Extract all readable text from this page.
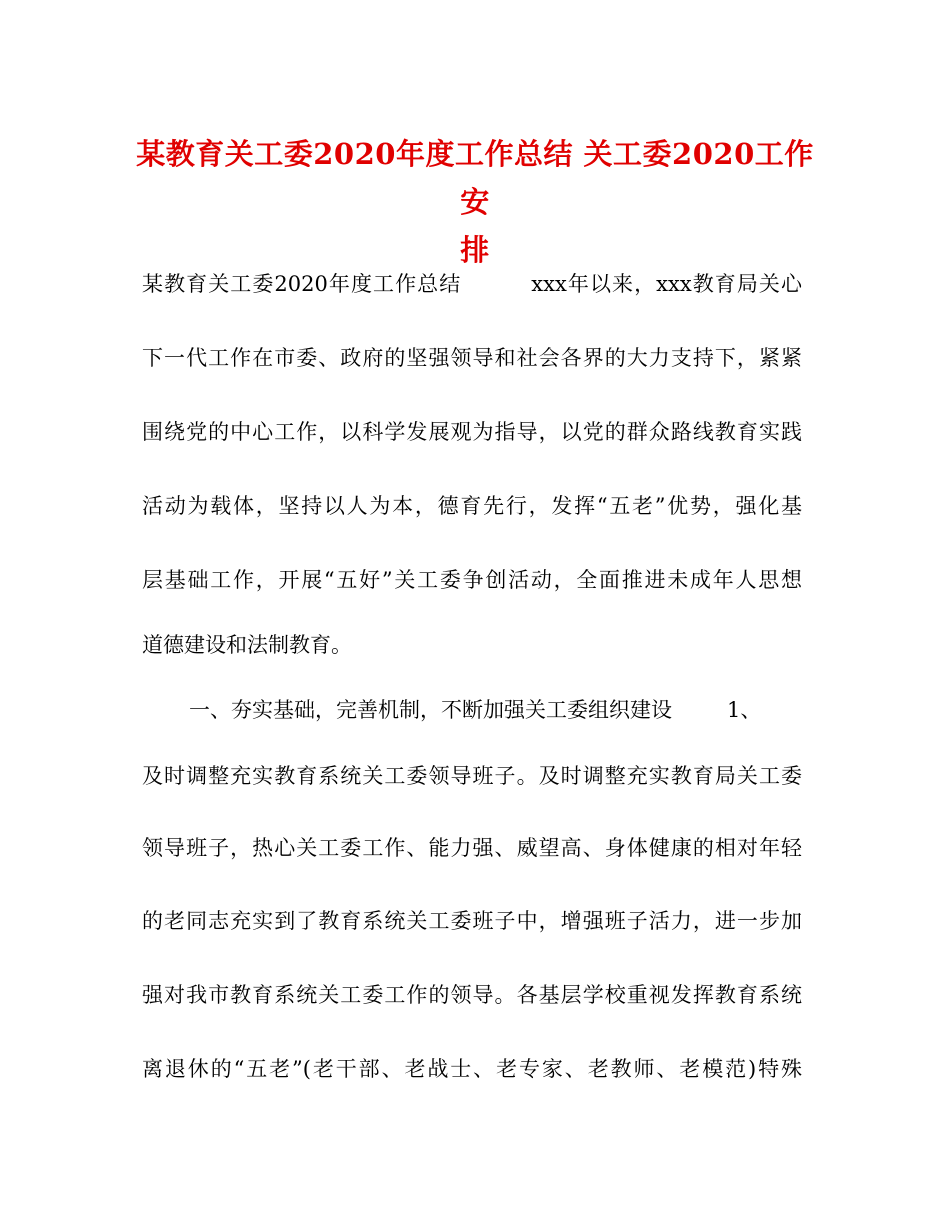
某教育关工委2020年度工作总结 关工委2020工作安
排

某教育关工委2020年度工作总结	xxx年以来，xxx教育局关心

下一代工作在市委、政府的坚强领导和社会各界的大力支持下，紧紧

围绕党的中心工作，以科学发展观为指导，以党的群众路线教育实践

活动为载体，坚持以人为本，德育先行，发挥“五老”优势，强化基

层基础工作，开展“五好”关工委争创活动，全面推进未成年人思想

道德建设和法制教育。

一、夯实基础，完善机制，不断加强关工委组织建设	1、

及时调整充实教育系统关工委领导班子。及时调整充实教育局关工委

领导班子，热心关工委工作、能力强、威望高、身体健康的相对年轻

的老同志充实到了教育系统关工委班子中，增强班子活力，进一步加

强对我市教育系统关工委工作的领导。各基层学校重视发挥教育系统

离退休的“五老”(老干部、老战士、老专家、老教师、老模范)特殊
